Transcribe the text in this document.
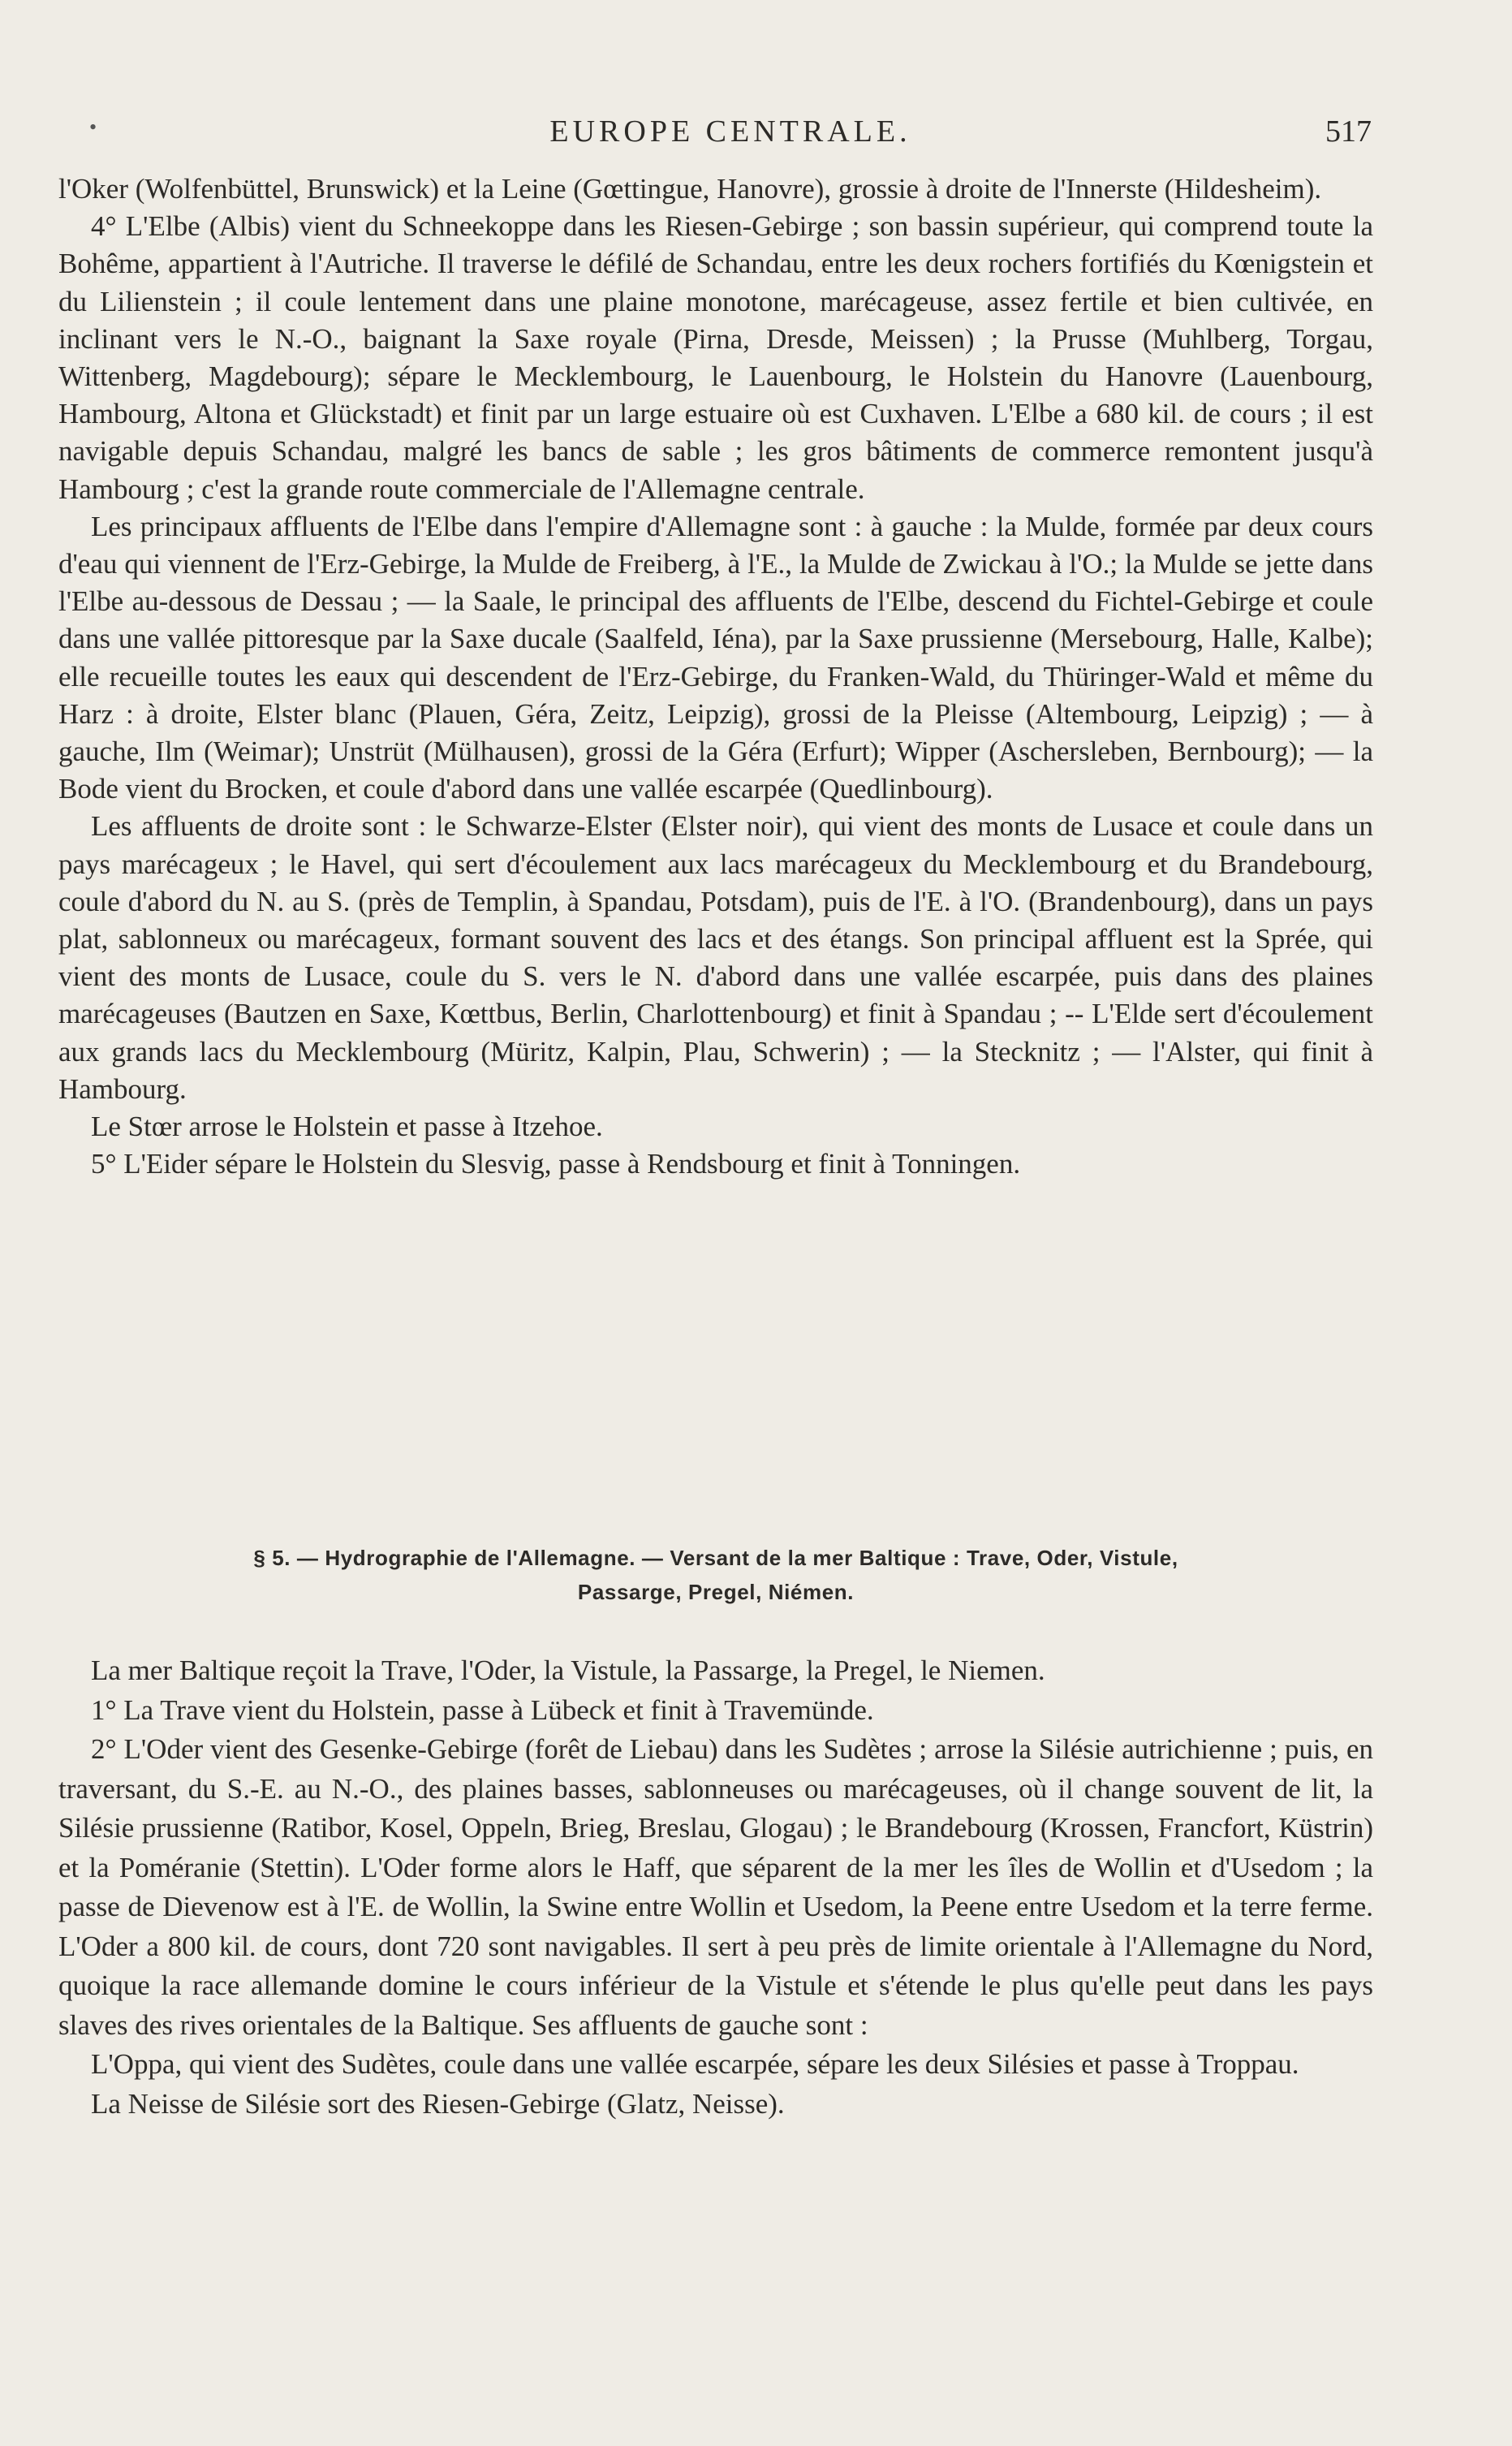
•	EUROPE CENTRALE.	517

l'Oker (Wolfenbüttel, Brunswick) et la Leine (Gœttingue, Hanovre), grossie à droite de l'Innerste (Hildesheim).

4° L'Elbe (Albis) vient du Schneekoppe dans les Riesen-Gebirge ; son bassin supérieur, qui comprend toute la Bohême, appartient à l'Autriche. Il traverse le défilé de Schandau, entre les deux rochers fortifiés du Kœnigstein et du Lilienstein ; il coule lentement dans une plaine monotone, marécageuse, assez fertile et bien cultivée, en inclinant vers le N.-O., baignant la Saxe royale (Pirna, Dresde, Meissen) ; la Prusse (Muhlberg, Torgau, Wittenberg, Magdebourg); sépare le Mecklembourg, le Lauenbourg, le Holstein du Hanovre (Lauenbourg, Hambourg, Altona et Glückstadt) et finit par un large estuaire où est Cuxhaven. L'Elbe a 680 kil. de cours ; il est navigable depuis Schandau, malgré les bancs de sable ; les gros bâtiments de commerce remontent jusqu'à Hambourg ; c'est la grande route commerciale de l'Allemagne centrale.

Les principaux affluents de l'Elbe dans l'empire d'Allemagne sont : à gauche : la Mulde, formée par deux cours d'eau qui viennent de l'Erz-Gebirge, la Mulde de Freiberg, à l'E., la Mulde de Zwickau à l'O.; la Mulde se jette dans l'Elbe au-dessous de Dessau ; — la Saale, le principal des affluents de l'Elbe, descend du Fichtel-Gebirge et coule dans une vallée pittoresque par la Saxe ducale (Saalfeld, Iéna), par la Saxe prussienne (Mersebourg, Halle, Kalbe); elle recueille toutes les eaux qui descendent de l'Erz-Gebirge, du Franken-Wald, du Thüringer-Wald et même du Harz : à droite, Elster blanc (Plauen, Géra, Zeitz, Leipzig), grossi de la Pleisse (Altembourg, Leipzig) ; — à gauche, Ilm (Weimar); Unstrüt (Mülhausen), grossi de la Géra (Erfurt); Wipper (Aschersleben, Bernbourg); — la Bode vient du Brocken, et coule d'abord dans une vallée escarpée (Quedlinbourg).

Les affluents de droite sont : le Schwarze-Elster (Elster noir), qui vient des monts de Lusace et coule dans un pays marécageux ; le Havel, qui sert d'écoulement aux lacs marécageux du Mecklembourg et du Brandebourg, coule d'abord du N. au S. (près de Templin, à Spandau, Potsdam), puis de l'E. à l'O. (Brandenbourg), dans un pays plat, sablonneux ou marécageux, formant souvent des lacs et des étangs. Son principal affluent est la Sprée, qui vient des monts de Lusace, coule du S. vers le N. d'abord dans une vallée escarpée, puis dans des plaines marécageuses (Bautzen en Saxe, Kœttbus, Berlin, Charlottenbourg) et finit à Spandau ; -- L'Elde sert d'écoulement aux grands lacs du Mecklembourg (Müritz, Kalpin, Plau, Schwerin) ; — la Stecknitz ; — l'Alster, qui finit à Hambourg.

Le Stœr arrose le Holstein et passe à Itzehoe.

5° L'Eider sépare le Holstein du Slesvig, passe à Rendsbourg et finit à Tonningen.

§ 5. — Hydrographie de l'Allemagne. — Versant de la mer Baltique : Trave, Oder, Vistule,
Passarge, Pregel, Niémen.

La mer Baltique reçoit la Trave, l'Oder, la Vistule, la Passarge, la Pregel, le Niemen.

1° La Trave vient du Holstein, passe à Lübeck et finit à Travemünde.

2° L'Oder vient des Gesenke-Gebirge (forêt de Liebau) dans les Sudètes ; arrose la Silésie autrichienne ; puis, en traversant, du S.-E. au N.-O., des plaines basses, sablonneuses ou marécageuses, où il change souvent de lit, la Silésie prussienne (Ratibor, Kosel, Oppeln, Brieg, Breslau, Glogau) ; le Brandebourg (Krossen, Francfort, Küstrin) et la Poméranie (Stettin). L'Oder forme alors le Haff, que séparent de la mer les îles de Wollin et d'Usedom ; la passe de Dievenow est à l'E. de Wollin, la Swine entre Wollin et Usedom, la Peene entre Usedom et la terre ferme. L'Oder a 800 kil. de cours, dont 720 sont navigables. Il sert à peu près de limite orientale à l'Allemagne du Nord, quoique la race allemande domine le cours inférieur de la Vistule et s'étende le plus qu'elle peut dans les pays slaves des rives orientales de la Baltique. Ses affluents de gauche sont :

L'Oppa, qui vient des Sudètes, coule dans une vallée escarpée, sépare les deux Silésies et passe à Troppau.

La Neisse de Silésie sort des Riesen-Gebirge (Glatz, Neisse).
